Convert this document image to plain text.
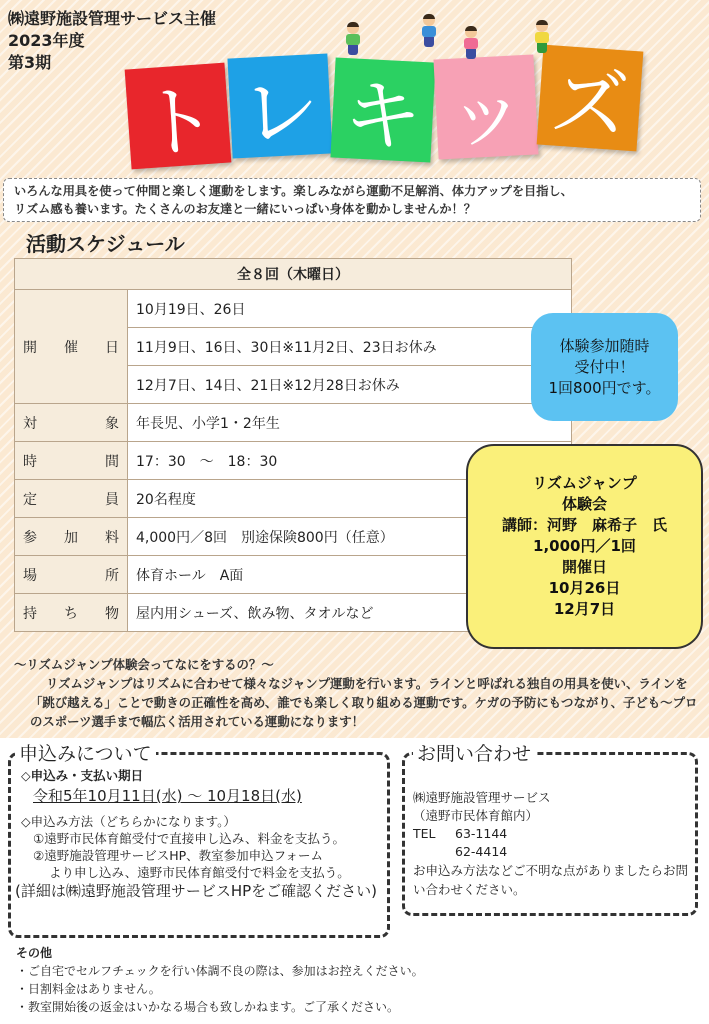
㈱遠野施設管理サービス主催
2023年度
第3期
ト レ キ ッ ズ
いろんな用具を使って仲間と楽しく運動をします。楽しみながら運動不足解消、体力アップを目指し、
リズム感も養います。たくさんのお友達と一緒にいっぱい身体を動かしませんか！？
活動スケジュール
全８回（木曜日）	

開 催 日	10月19日、26日
	11月9日、16日、30日※11月2日、23日お休み
	12月7日、14日、21日※12月28日お休み

対 象	年長児、小学1・2年生

時 間	17：30　～　18：30

定 員	20名程度

参 加 料	4,000円／8回　別途保険800円（任意）

場 所	体育ホール　A面

持 ち 物	屋内用シューズ、飲み物、タオルなど
体験参加随時
受付中！
1回800円です。
リズムジャンプ
体験会
講師：河野　麻希子　氏
1,000円／1回
開催日
10月26日
12月7日
～リズムジャンプ体験会ってなにをするの？～
リズムジャンプはリズムに合わせて様々なジャンプ運動を行います。ラインと呼ばれる独自の用具を使い、ラインを「跳び越える」ことで動きの正確性を高め、誰でも楽しく取り組める運動です。ケガの予防にもつながり、子ども～プロのスポーツ選手まで幅広く活用されている運動になります！
申込みについて
◇申込み・支払い期日
令和5年10月11日(水) ～ 10月18日(水)
◇申込み方法（どちらかになります。）
①遠野市民体育館受付で直接申し込み、料金を支払う。
②遠野施設管理サービスHP、教室参加申込フォーム
より申し込み、遠野市民体育館受付で料金を支払う。
(詳細は㈱遠野施設管理サービスHPをご確認ください)
お問い合わせ
㈱遠野施設管理サービス
（遠野市民体育館内）
TEL 63-1144
62-4414
お申込み方法などご不明な点がありましたらお問い合わせください。
その他
・ご自宅でセルフチェックを行い体調不良の際は、参加はお控えください。
・日割料金はありません。
・教室開始後の返金はいかなる場合も致しかねます。ご了承ください。
